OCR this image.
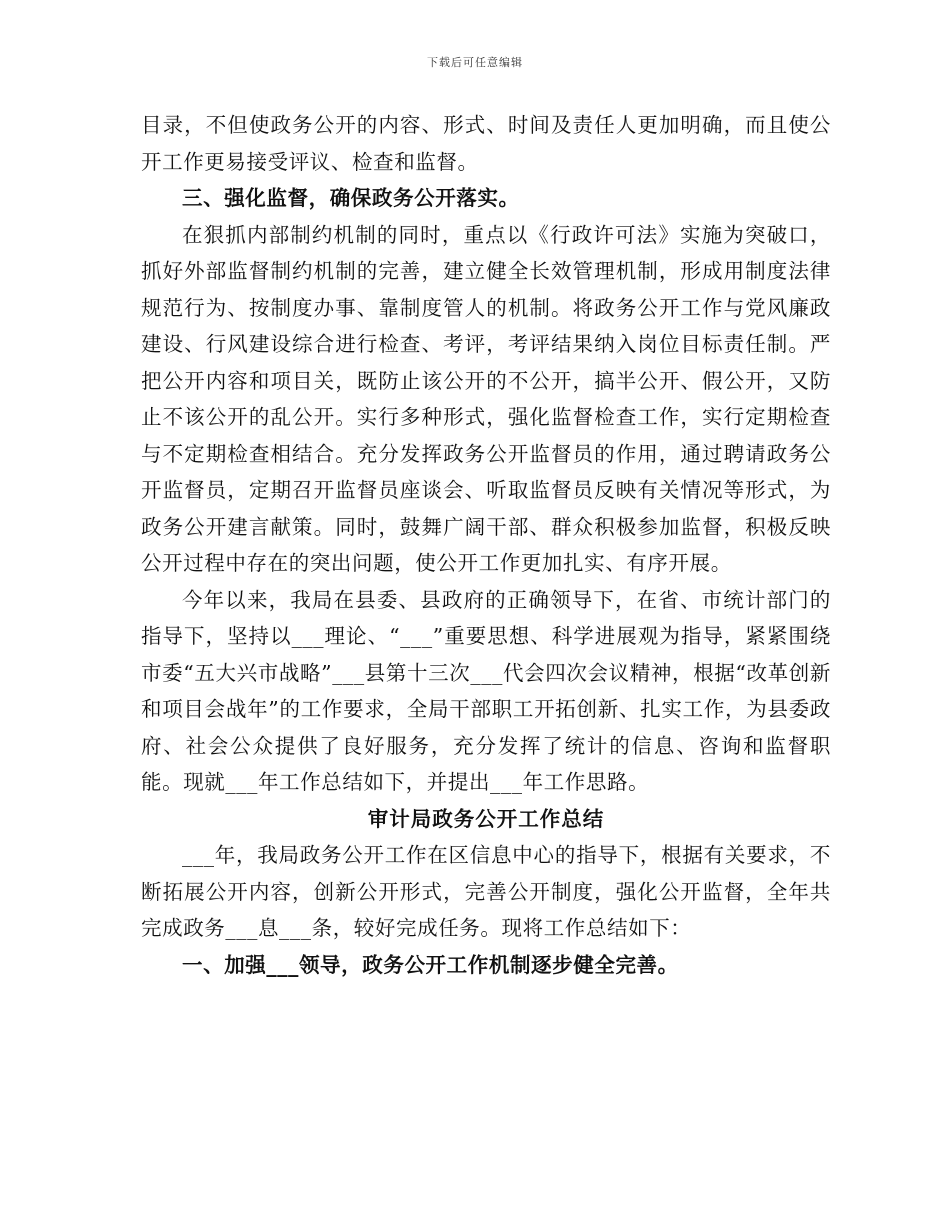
下载后可任意编辑

目录，不但使政务公开的内容、形式、时间及责任人更加明确，而且使公开工作更易接受评议、检查和监督。

三、强化监督，确保政务公开落实。

在狠抓内部制约机制的同时，重点以《行政许可法》实施为突破口，抓好外部监督制约机制的完善，建立健全长效管理机制，形成用制度法律规范行为、按制度办事、靠制度管人的机制。将政务公开工作与党风廉政建设、行风建设综合进行检查、考评，考评结果纳入岗位目标责任制。严把公开内容和项目关，既防止该公开的不公开，搞半公开、假公开，又防止不该公开的乱公开。实行多种形式，强化监督检查工作，实行定期检查与不定期检查相结合。充分发挥政务公开监督员的作用，通过聘请政务公开监督员，定期召开监督员座谈会、听取监督员反映有关情况等形式，为政务公开建言献策。同时，鼓舞广阔干部、群众积极参加监督，积极反映公开过程中存在的突出问题，使公开工作更加扎实、有序开展。

今年以来，我局在县委、县政府的正确领导下，在省、市统计部门的指导下，坚持以___理论、“___”重要思想、科学进展观为指导，紧紧围绕市委“五大兴市战略”___县第十三次___代会四次会议精神，根据“改革创新和项目会战年”的工作要求，全局干部职工开拓创新、扎实工作，为县委政府、社会公众提供了良好服务，充分发挥了统计的信息、咨询和监督职能。现就___年工作总结如下，并提出___年工作思路。

审计局政务公开工作总结

___年，我局政务公开工作在区信息中心的指导下，根据有关要求，不断拓展公开内容，创新公开形式，完善公开制度，强化公开监督，全年共完成政务___息___条，较好完成任务。现将工作总结如下：

一、加强___领导，政务公开工作机制逐步健全完善。
